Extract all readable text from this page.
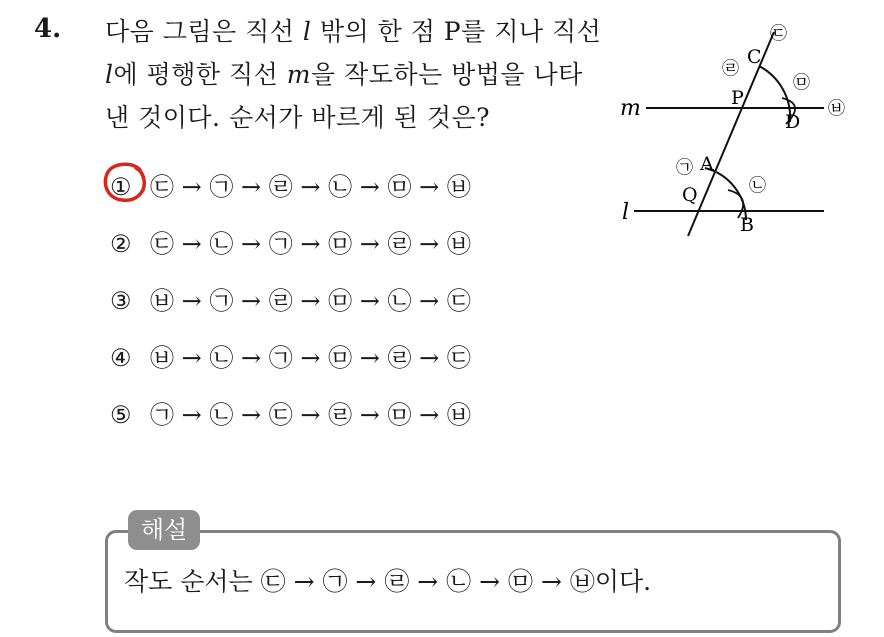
4. 다음 그림은 직선 l 밖의 한 점 P를 지나 직선
l에 평행한 직선 m을 작도하는 방법을 나타
낸 것이다. 순서가 바르게 된 것은?
① ㉢ → ㉠ → ㉣ → ㉡ → ㉤ → ㉥
② ㉢ → ㉡ → ㉠ → ㉤ → ㉣ → ㉥
③ ㉥ → ㉠ → ㉣ → ㉤ → ㉡ → ㉢
④ ㉥ → ㉡ → ㉠ → ㉤ → ㉣ → ㉢
⑤ ㉠ → ㉡ → ㉢ → ㉣ → ㉤ → ㉥
m
l
P
Q
A
B
C
D
㉠
㉡
㉢
㉣
㉤
㉥
해설
작도 순서는 ㉢ → ㉠ → ㉣ → ㉡ → ㉤ → ㉥이다.
